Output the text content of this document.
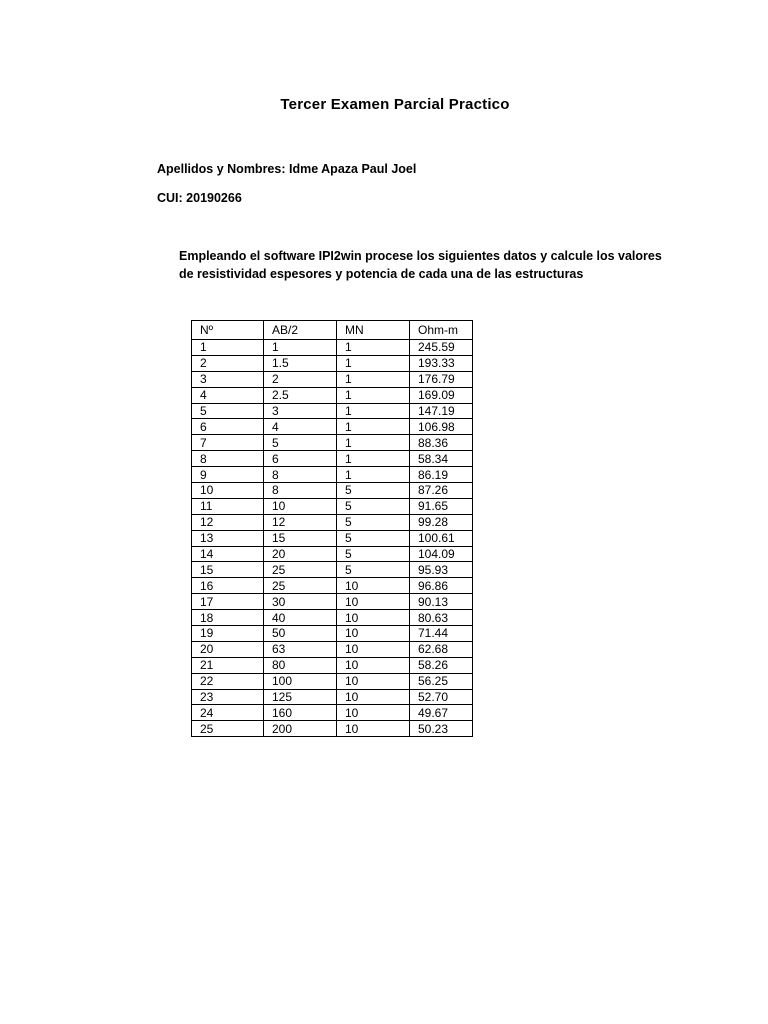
Tercer Examen Parcial Practico
Apellidos y Nombres: Idme Apaza Paul Joel
CUI: 20190266
Empleando el software IPI2win procese los siguientes datos y calcule los valores de resistividad espesores y potencia de cada una de las estructuras
Nº	AB/2	MN	Ohm-m
1	1	1	245.59
2	1.5	1	193.33
3	2	1	176.79
4	2.5	1	169.09
5	3	1	147.19
6	4	1	106.98
7	5	1	88.36
8	6	1	58.34
9	8	1	86.19
10	8	5	87.26
11	10	5	91.65
12	12	5	99.28
13	15	5	100.61
14	20	5	104.09
15	25	5	95.93
16	25	10	96.86
17	30	10	90.13
18	40	10	80.63
19	50	10	71.44
20	63	10	62.68
21	80	10	58.26
22	100	10	56.25
23	125	10	52.70
24	160	10	49.67
25	200	10	50.23
